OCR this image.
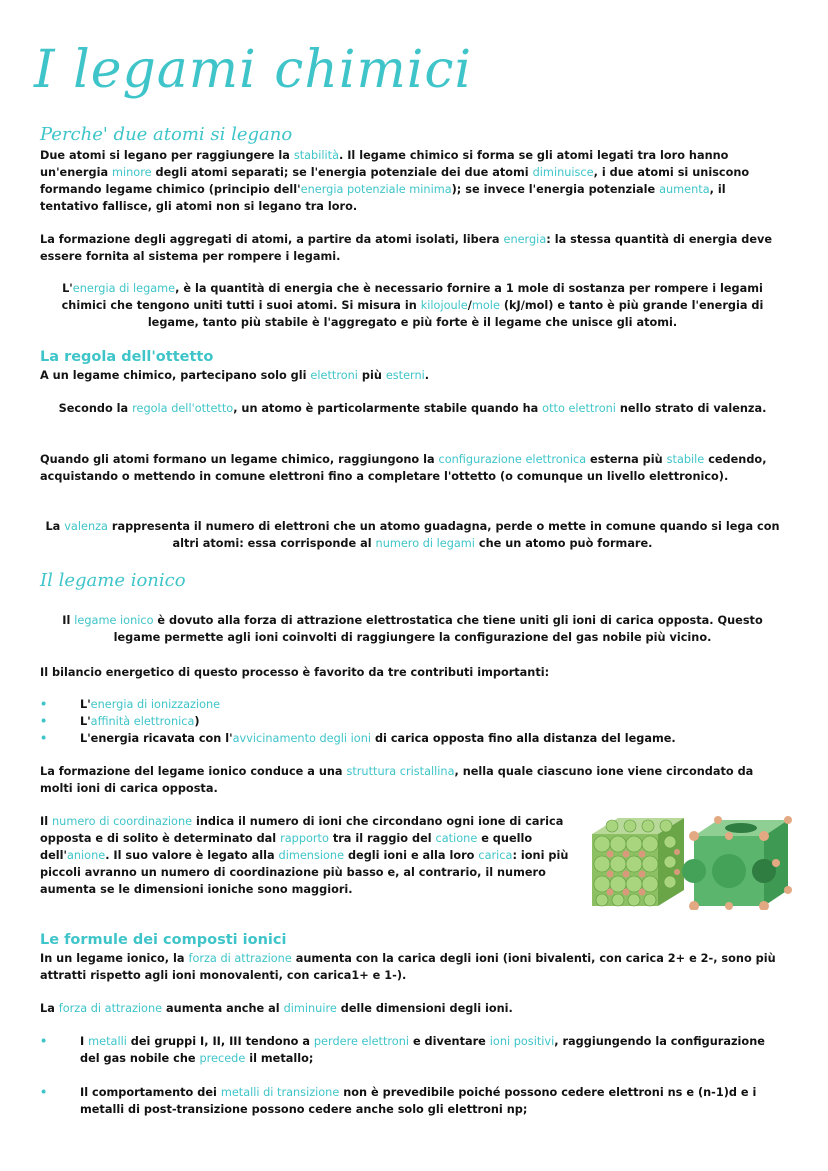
I legami chimici
Perche' due atomi si legano

Due atomi si legano per raggiungere la stabilità. Il legame chimico si forma se gli atomi legati tra loro hanno un'energia minore degli atomi separati; se l'energia potenziale dei due atomi diminuisce, i due atomi si uniscono formando legame chimico (principio dell'energia potenziale minima); se invece l'energia potenziale aumenta, il tentativo fallisce, gli atomi non si legano tra loro.

La formazione degli aggregati di atomi, a partire da atomi isolati, libera energia: la stessa quantità di energia deve essere fornita al sistema per rompere i legami.

L'energia di legame, è la quantità di energia che è necessario fornire a 1 mole di sostanza per rompere i legami chimici che tengono uniti tutti i suoi atomi. Si misura in kilojoule/mole (kJ/mol) e tanto è più grande l'energia di legame, tanto più stabile è l'aggregato e più forte è il legame che unisce gli atomi.

La regola dell'ottetto

A un legame chimico, partecipano solo gli elettroni più esterni.

Secondo la regola dell'ottetto, un atomo è particolarmente stabile quando ha otto elettroni nello strato di valenza.

Quando gli atomi formano un legame chimico, raggiungono la configurazione elettronica esterna più stabile cedendo, acquistando o mettendo in comune elettroni fino a completare l'ottetto (o comunque un livello elettronico).

La valenza rappresenta il numero di elettroni che un atomo guadagna, perde o mette in comune quando si lega con altri atomi: essa corrisponde al numero di legami che un atomo può formare.

Il legame ionico

Il legame ionico è dovuto alla forza di attrazione elettrostatica che tiene uniti gli ioni di carica opposta. Questo legame permette agli ioni coinvolti di raggiungere la configurazione del gas nobile più vicino.

Il bilancio energetico di questo processo è favorito da tre contributi importanti:

•	L'energia di ionizzazione
•	L'affinità elettronica)
•	L'energia ricavata con l'avvicinamento degli ioni di carica opposta fino alla distanza del legame.

La formazione del legame ionico conduce a una struttura cristallina, nella quale ciascuno ione viene circondato da molti ioni di carica opposta.

Il numero di coordinazione indica il numero di ioni che circondano ogni ione di carica opposta e di solito è determinato dal rapporto tra il raggio del catione e quello dell'anione. Il suo valore è legato alla dimensione degli ioni e alla loro carica: ioni più piccoli avranno un numero di coordinazione più basso e, al contrario, il numero aumenta se le dimensioni ioniche sono maggiori.

Le formule dei composti ionici

In un legame ionico, la forza di attrazione aumenta con la carica degli ioni (ioni bivalenti, con carica 2+ e 2-, sono più attratti rispetto agli ioni monovalenti, con carica1+ e 1-).

La forza di attrazione aumenta anche al diminuire delle dimensioni degli ioni.

•	I metalli dei gruppi I, II, III tendono a perdere elettroni e diventare ioni positivi, raggiungendo la configurazione del gas nobile che precede il metallo;
•	Il comportamento dei metalli di transizione non è prevedibile poiché possono cedere elettroni ns e (n-1)d e i metalli di post-transizione possono cedere anche solo gli elettroni np;
